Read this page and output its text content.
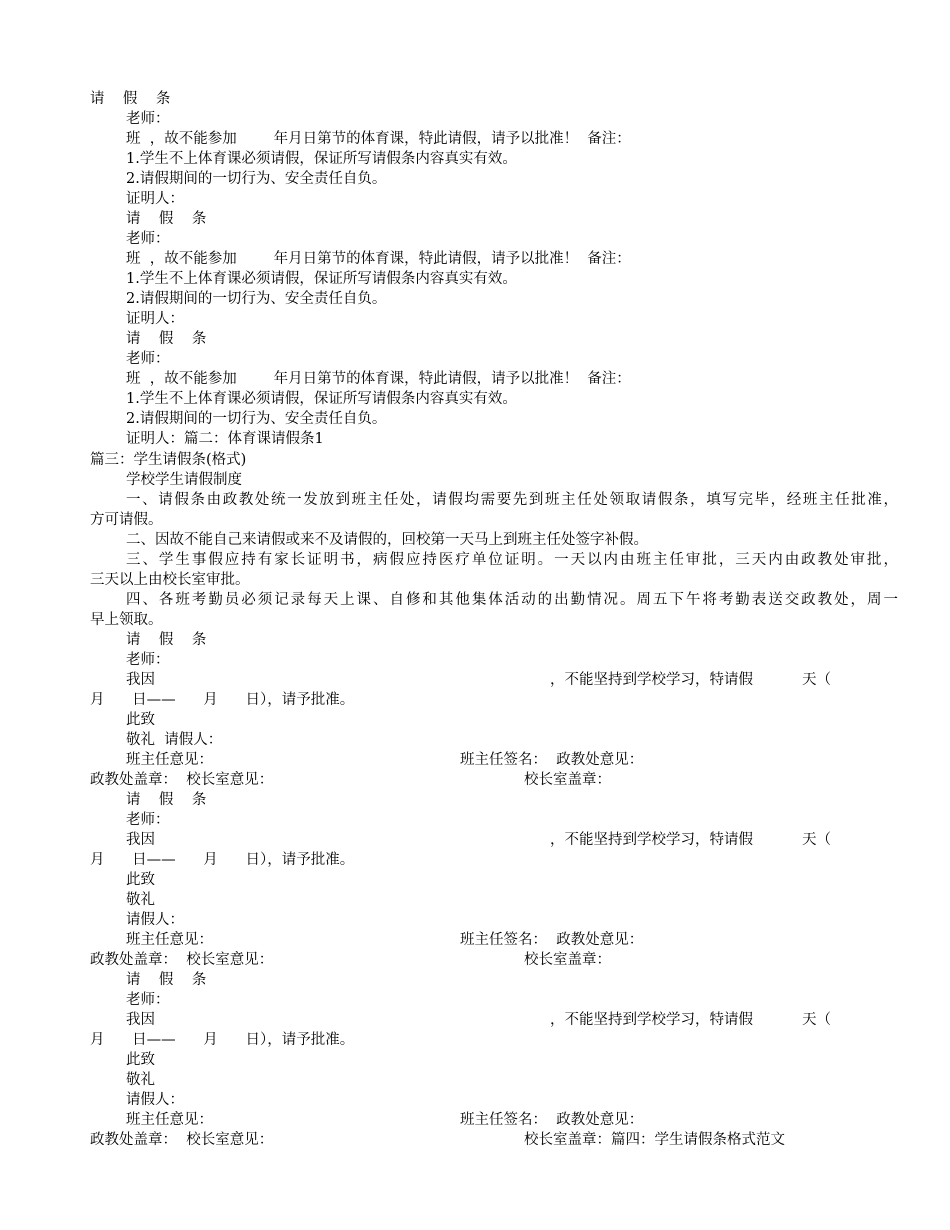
请    假    条
老师：
班  ，故不能参加        年月日第节的体育课，特此请假，请予以批准！  备注：
1.学生不上体育课必须请假，保证所写请假条内容真实有效。
2.请假期间的一切行为、安全责任自负。
证明人：
请    假    条
老师：
班  ，故不能参加        年月日第节的体育课，特此请假，请予以批准！  备注：
1.学生不上体育课必须请假，保证所写请假条内容真实有效。
2.请假期间的一切行为、安全责任自负。
证明人：
请    假    条
老师：
班  ，故不能参加        年月日第节的体育课，特此请假，请予以批准！  备注：
1.学生不上体育课必须请假，保证所写请假条内容真实有效。
2.请假期间的一切行为、安全责任自负。
证明人：篇二：体育课请假条1
篇三：学生请假条(格式)
学校学生请假制度
一、请假条由政教处统一发放到班主任处，请假均需要先到班主任处领取请假条，填写完毕，经班主任批准，
方可请假。
二、因故不能自己来请假或来不及请假的，回校第一天马上到班主任处签字补假。
三、学生事假应持有家长证明书，病假应持医疗单位证明。一天以内由班主任审批，三天内由政教处审批，
三天以上由校长室审批。
四、各班考勤员必须记录每天上课、自修和其他集体活动的出勤情况。周五下午将考勤表送交政教处，周一
早上领取。
请    假    条
老师：

我因

	，不能坚持到学校学习，特请假

	天（

月      日——      月      日），请予批准。
此致
敬礼  请假人：

班主任意见：

	班主任签名：  政教处意见：

政教处盖章：  校长室意见：

	校长室盖章：

请    假    条
老师：

我因

	，不能坚持到学校学习，特请假

	天（

月      日——      月      日），请予批准。
此致
敬礼
请假人：

班主任意见：

	班主任签名：  政教处意见：

政教处盖章：  校长室意见：

	校长室盖章：

请    假    条
老师：

我因

	，不能坚持到学校学习，特请假

	天（

月      日——      月      日），请予批准。
此致
敬礼
请假人：

班主任意见：

	班主任签名：  政教处意见：

政教处盖章：  校长室意见：

	校长室盖章：篇四：学生请假条格式范文
